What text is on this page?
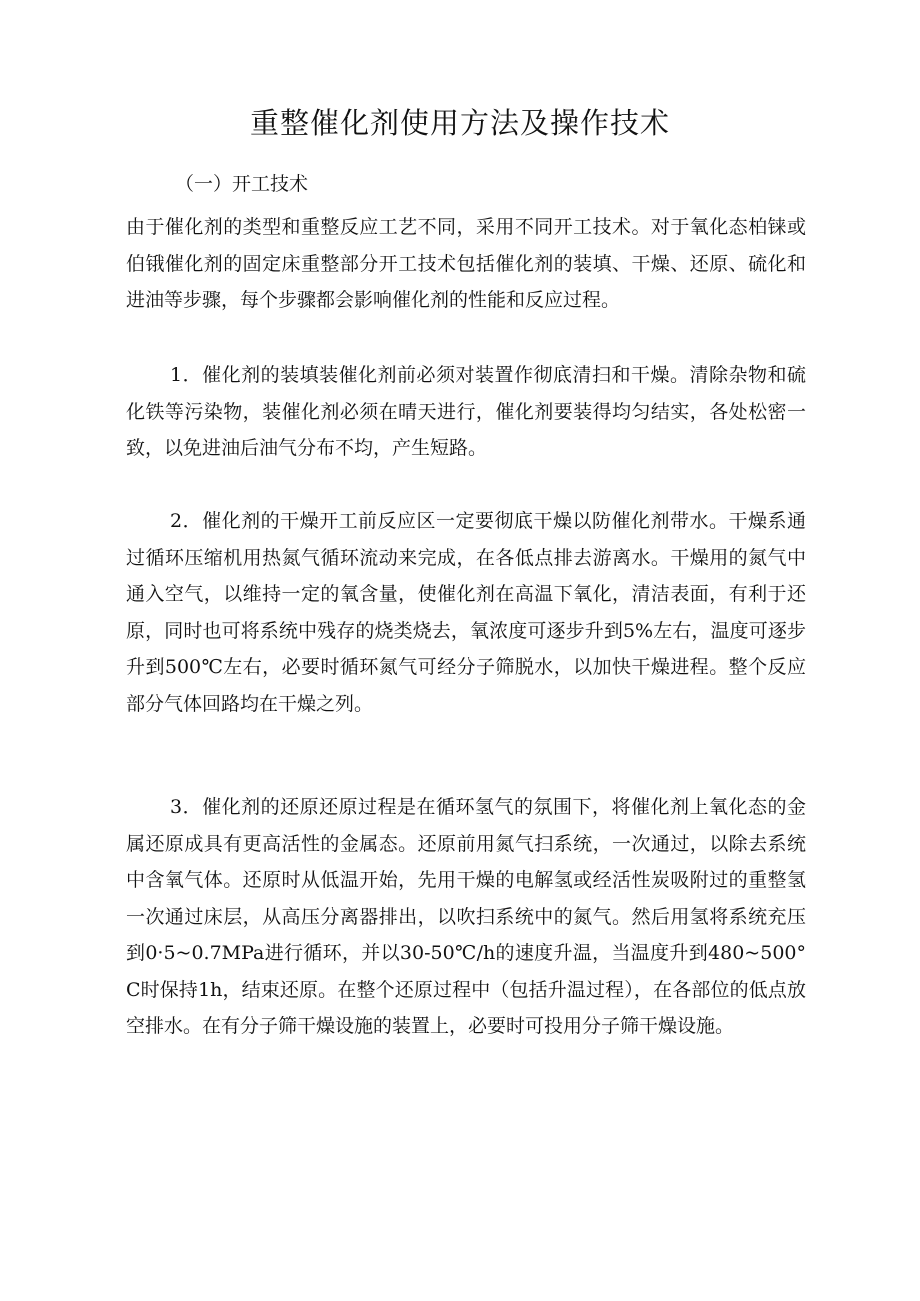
重整催化剂使用方法及操作技术
（一）开工技术

由于催化剂的类型和重整反应工艺不同，采用不同开工技术。对于氧化态柏铼或伯锇催化剂的固定床重整部分开工技术包括催化剂的装填、干燥、还原、硫化和进油等步骤，每个步骤都会影响催化剂的性能和反应过程。

1．催化剂的装填装催化剂前必须对装置作彻底清扫和干燥。清除杂物和硫化铁等污染物，装催化剂必须在晴天进行，催化剂要装得均匀结实，各处松密一致，以免进油后油气分布不均，产生短路。

2．催化剂的干燥开工前反应区一定要彻底干燥以防催化剂带水。干燥系通过循环压缩机用热氮气循环流动来完成，在各低点排去游离水。干燥用的氮气中通入空气，以维持一定的氧含量，使催化剂在高温下氧化，清洁表面，有利于还原，同时也可将系统中残存的烧类烧去，氧浓度可逐步升到5%左右，温度可逐步升到500℃左右，必要时循环氮气可经分子筛脱水，以加快干燥进程。整个反应部分气体回路均在干燥之列。

3．催化剂的还原还原过程是在循环氢气的氛围下，将催化剂上氧化态的金属还原成具有更高活性的金属态。还原前用氮气扫系统，一次通过，以除去系统中含氧气体。还原时从低温开始，先用干燥的电解氢或经活性炭吸附过的重整氢一次通过床层，从高压分离器排出，以吹扫系统中的氮气。然后用氢将系统充压到0·5~0.7MPa进行循环，并以30-50℃/h的速度升温，当温度升到480~500° C时保持1h，结束还原。在整个还原过程中（包括升温过程），在各部位的低点放空排水。在有分子筛干燥设施的装置上，必要时可投用分子筛干燥设施。
